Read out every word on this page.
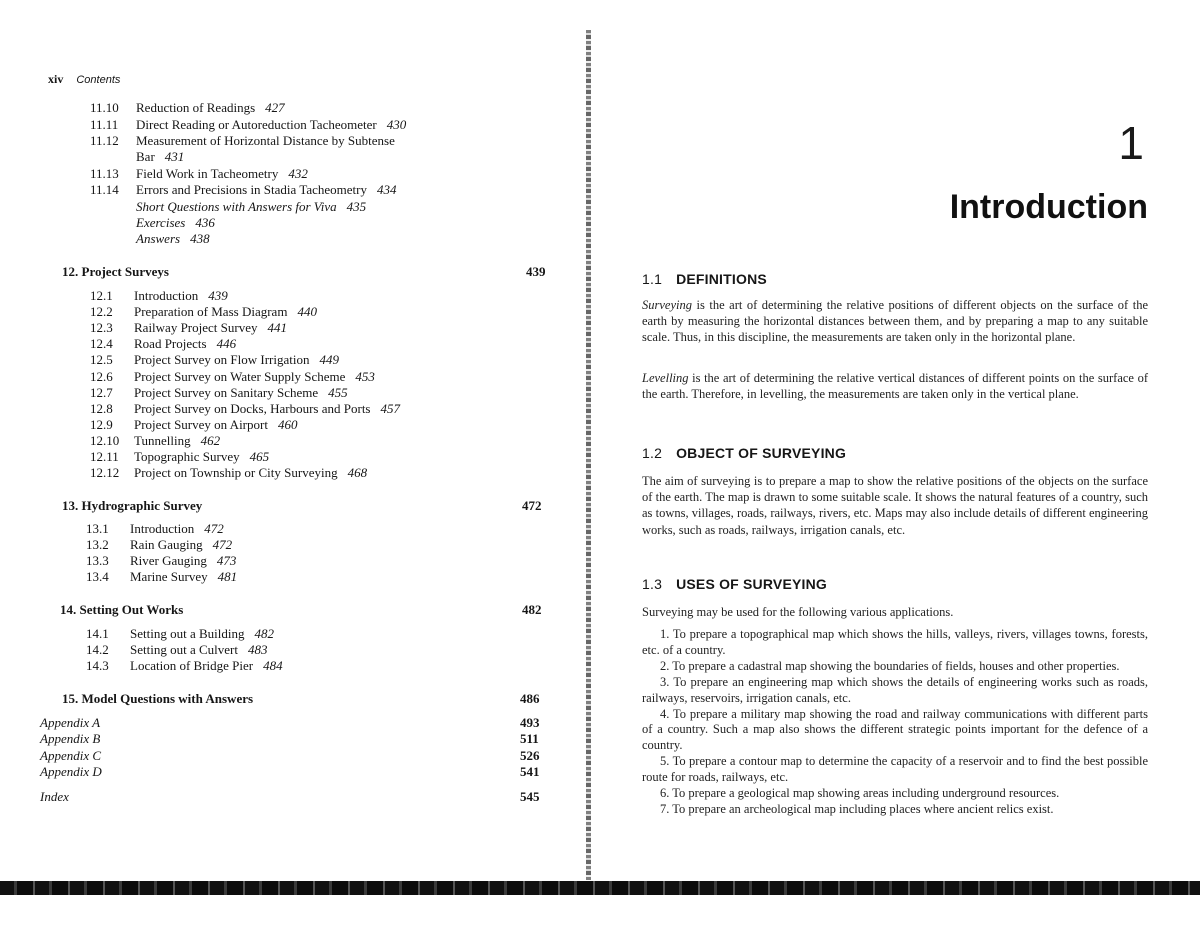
xiv Contents
11.10 Reduction of Readings 427
11.11 Direct Reading or Autoreduction Tacheometer 430
11.12 Measurement of Horizontal Distance by Subtense
Bar 431
11.13 Field Work in Tacheometry 432
11.14 Errors and Precisions in Stadia Tacheometry 434
Short Questions with Answers for Viva 435
Exercises 436
Answers 438
12. Project Surveys	439
12.1 Introduction 439
12.2 Preparation of Mass Diagram 440
12.3 Railway Project Survey 441
12.4 Road Projects 446
12.5 Project Survey on Flow Irrigation 449
12.6 Project Survey on Water Supply Scheme 453
12.7 Project Survey on Sanitary Scheme 455
12.8 Project Survey on Docks, Harbours and Ports 457
12.9 Project Survey on Airport 460
12.10 Tunnelling 462
12.11 Topographic Survey 465
12.12 Project on Township or City Surveying 468
13. Hydrographic Survey	472
13.1 Introduction 472
13.2 Rain Gauging 472
13.3 River Gauging 473
13.4 Marine Survey 481
14. Setting Out Works	482
14.1 Setting out a Building 482
14.2 Setting out a Culvert 483
14.3 Location of Bridge Pier 484
15. Model Questions with Answers	486
Appendix A	493
Appendix B	511
Appendix C	526
Appendix D	541
Index	545
1
Introduction
1.1 DEFINITIONS
Surveying is the art of determining the relative positions of different objects on the surface of the earth by measuring the horizontal distances between them, and by preparing a map to any suitable scale. Thus, in this discipline, the measurements are taken only in the horizontal plane.
Levelling is the art of determining the relative vertical distances of different points on the surface of the earth. Therefore, in levelling, the measurements are taken only in the vertical plane.
1.2 OBJECT OF SURVEYING
The aim of surveying is to prepare a map to show the relative positions of the objects on the surface of the earth. The map is drawn to some suitable scale. It shows the natural features of a country, such as towns, villages, roads, railways, rivers, etc. Maps may also include details of different engineering works, such as roads, railways, irrigation canals, etc.
1.3 USES OF SURVEYING
Surveying may be used for the following various applications.
1. To prepare a topographical map which shows the hills, valleys, rivers, villages towns, forests, etc. of a country.
2. To prepare a cadastral map showing the boundaries of fields, houses and other properties.
3. To prepare an engineering map which shows the details of engineering works such as roads, railways, reservoirs, irrigation canals, etc.
4. To prepare a military map showing the road and railway communications with different parts of a country. Such a map also shows the different strategic points important for the defence of a country.
5. To prepare a contour map to determine the capacity of a reservoir and to find the best possible route for roads, railways, etc.
6. To prepare a geological map showing areas including underground resources.
7. To prepare an archeological map including places where ancient relics exist.
